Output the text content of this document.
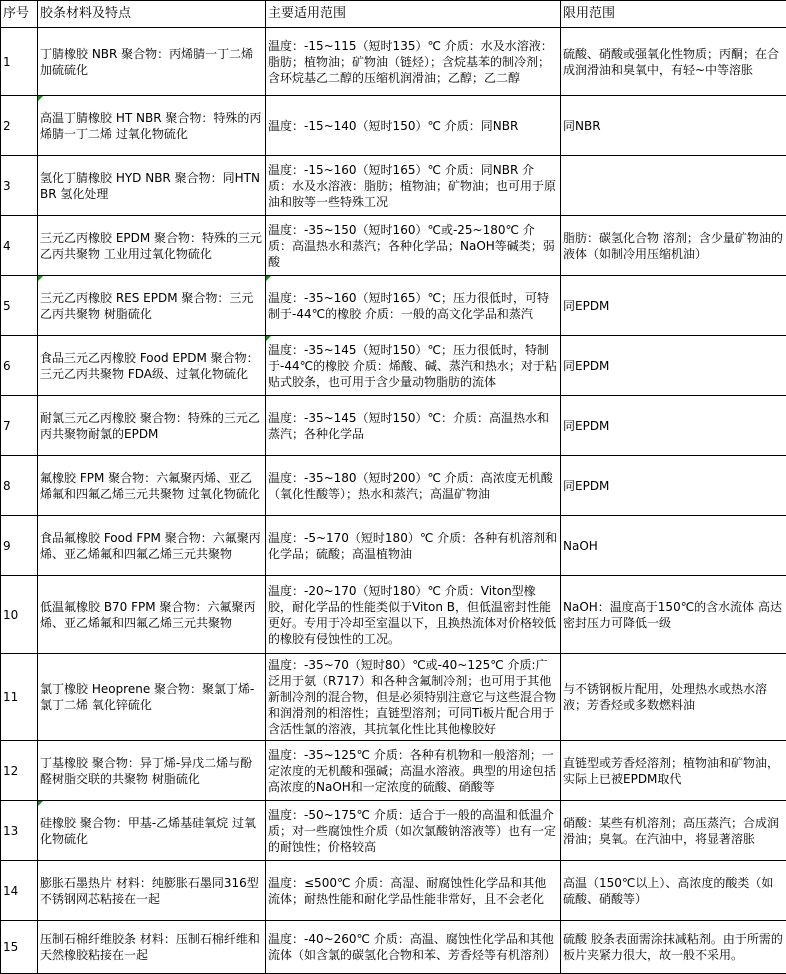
序号	胶条材料及特点	主要适用范围	限用范围
1	丁腈橡胶 NBR 聚合物：丙烯腈一丁二烯 加硫硫化	温度：-15~115（短时135）℃ 介质：水及水溶液：脂肪；植物油；矿物油（链烃）；含烷基苯的制冷剂；含环烷基乙二醇的压缩机润滑油；乙醇；乙二醇	硫酸、硝酸或强氧化性物质；丙酮；在合成润滑油和臭氧中，有轻~中等溶胀
2	高温丁腈橡胶 HT NBR 聚合物：特殊的丙烯腈一丁二烯 过氧化物硫化	温度：-15~140（短时150）℃ 介质：同NBR	同NBR
3	氢化丁腈橡胶 HYD NBR 聚合物：同HTNBR 氢化处理	温度：-15~160（短时165）℃ 介质：同NBR 介质：水及水溶液：脂肪；植物油；矿物油；也可用于原油和胺等一些特殊工况	
4	三元乙丙橡胶 EPDM 聚合物：特殊的三元乙丙共聚物 工业用过氧化物硫化	温度：-35~150（短时160）℃或-25~180℃ 介质：高温热水和蒸汽；各种化学品；NaOH等碱类；弱酸	脂肪：碳氢化合物 溶剂；含少量矿物油的液体（如制冷用压缩机油）
5	三元乙丙橡胶 RES EPDM 聚合物：三元乙丙共聚物 树脂硫化	温度：-35~160（短时165）℃；压力很低时，可特制于-44℃的橡胶 介质：一般的高文化学品和蒸汽	同EPDM
6	食品三元乙丙橡胶 Food EPDM 聚合物：三元乙丙共聚物 FDA级、过氧化物硫化	温度：-35~145（短时150）℃；压力很低时，特制于-44℃的橡胶 介质：烯酸、碱、蒸汽和热水；对于粘贴式胶条，也可用于含少量动物脂肪的流体	同EPDM
7	耐氯三元乙丙橡胶 聚合物：特殊的三元乙丙共聚物耐氯的EPDM	温度：-35~145（短时150）℃：介质：高温热水和蒸汽；各种化学品	同EPDM
8	氟橡胶 FPM 聚合物：六氟聚丙烯、亚乙烯氟和四氟乙烯三元共聚物 过氧化物硫化	温度：-35~180（短时200）℃ 介质：高浓度无机酸（氧化性酸等）；热水和蒸汽；高温矿物油	同EPDM
9	食品氟橡胶 Food FPM 聚合物：六氟聚丙烯、亚乙烯氟和四氟乙烯三元共聚物	温度：-5~170（短时180）℃ 介质：各种有机溶剂和化学品；硫酸；高温植物油	NaOH
10	低温氟橡胶 B70 FPM 聚合物：六氟聚丙烯、亚乙烯氟和四氟乙烯三元共聚物	温度：-20~170（短时180）℃ 介质：Viton型橡胶，耐化学品的性能类似于Viton B，但低温密封性能更好。专用于冷却至室温以下，且换热流体对价格较低的橡胶有侵蚀性的工况。	NaOH：温度高于150℃的含水流体 高达密封压力可降低一级
11	氯丁橡胶 Heoprene 聚合物：聚氯丁烯-氯丁二烯 氧化锌硫化	温度：-35~70（短时80）℃或-40~125℃ 介质:广泛用于氨（R717）和各种含氟制冷剂；也可用于其他新制冷剂的混合物，但是必须特别注意它与这些混合物和润滑剂的相溶性；直链型溶剂；可同Ti板片配合用于含活性氯的溶液，其抗氧化性比其他橡胶好	与不锈钢板片配用，处理热水或热水溶液；芳香烃或多数燃料油
12	丁基橡胶 聚合物：异丁烯-异戊二烯与酚醛树脂交联的共聚物 树脂硫化	温度：-35~125℃ 介质：各种有机物和一般溶剂；一定浓度的无机酸和强碱；高温水溶液。典型的用途包括高浓度的NaOH和一定浓度的硫酸、硝酸等	直链型或芳香烃溶剂；植物油和矿物油，实际上已被EPDM取代
13	硅橡胶 聚合物：甲基-乙烯基硅氧烷 过氧化物硫化	温度：-50~175℃ 介质：适合于一般的高温和低温介质；对一些腐蚀性介质（如次氯酸钠溶液等）也有一定的耐蚀性；价格较高	硝酸：某些有机溶剂；高压蒸汽；合成润滑油；臭氧。在汽油中，将显著溶胀
14	膨胀石墨热片 材料：纯膨胀石墨同316型不锈钢网芯粘接在一起	温度：≤500℃ 介质：高湿、耐腐蚀性化学品和其他流体；耐热性能和耐化学品性能非常好，且不会老化	高温（150℃以上）、高浓度的酸类（如硫酸、硝酸等）
15	压制石棉纤维胶条 材料：压制石棉纤维和天然橡胶粘接在一起	温度：-40~260℃ 介质：高温、腐蚀性化学品和其他流体（如含氯的碳氢化合物和苯、芳香烃等有机溶剂）	硫酸 胶条表面需涂抹减粘剂。由于所需的板片夹紧力很大，故一般不采用。
